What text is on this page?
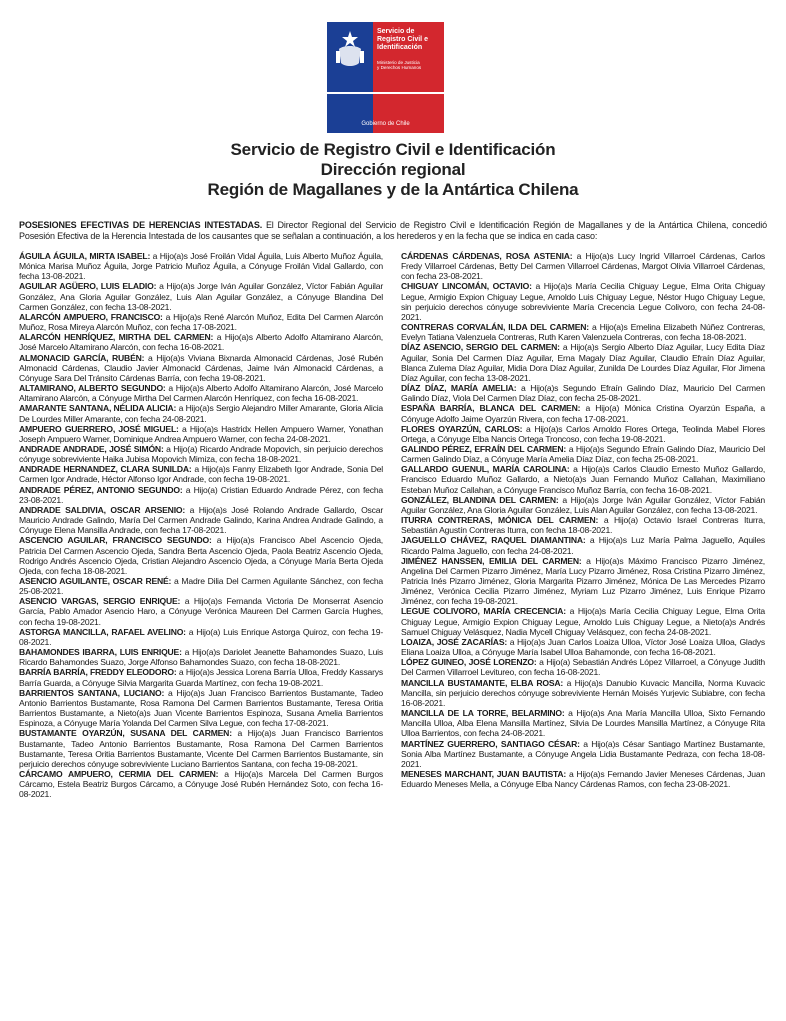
Servicio de
Registro Civil e
Identificación
Ministerio de Justicia
y Derechos Humanos
Gobierno de Chile
Servicio de Registro Civil e Identificación
Dirección regional
Región de Magallanes y de la Antártica Chilena
POSESIONES EFECTIVAS DE HERENCIAS INTESTADAS. El Director Regional del Servicio de Registro Civil e Identificación Región de Magallanes y de la Antártica Chilena, concedió Posesión Efectiva de la Herencia Intestada de los causantes que se señalan a continuación, a los herederos y en la fecha que se indica en cada caso:

ÁGUILA ÁGUILA, MIRTA ISABEL: a Hijo(a)s José Froilán Vidal Águila, Luis Alberto Muñoz Águila, Mónica Marisa Muñoz Águila, Jorge Patricio Muñoz Águila, a Cónyuge Froilán Vidal Gallardo, con fecha 13-08-2021.

AGUILAR AGÜERO, LUIS ELADIO: a Hijo(a)s Jorge Iván Aguilar González, Víctor Fabián Aguilar González, Ana Gloria Aguilar González, Luis Alan Aguilar González, a Cónyuge Blandina Del Carmen González, con fecha 13-08-2021.

ALARCÓN AMPUERO, FRANCISCO: a Hijo(a)s René Alarcón Muñoz, Edita Del Carmen Alarcón Muñoz, Rosa Mireya Alarcón Muñoz, con fecha 17-08-2021.

ALARCÓN HENRÍQUEZ, MIRTHA DEL CARMEN: a Hijo(a)s Alberto Adolfo Altamirano Alarcón, José Marcelo Altamirano Alarcón, con fecha 16-08-2021.

ALMONACID GARCÍA, RUBÉN: a Hijo(a)s Viviana Bixnarda Almonacid Cárdenas, José Rubén Almonacid Cárdenas, Claudio Javier Almonacid Cárdenas, Jaime Iván Almonacid Cárdenas, a Cónyuge Sara Del Tránsito Cárdenas Barría, con fecha 19-08-2021.

ALTAMIRANO, ALBERTO SEGUNDO: a Hijo(a)s Alberto Adolfo Altamirano Alarcón, José Marcelo Altamirano Alarcón, a Cónyuge Mirtha Del Carmen Alarcón Henríquez, con fecha 16-08-2021.

AMARANTE SANTANA, NÉLIDA ALICIA: a Hijo(a)s Sergio Alejandro Miller Amarante, Gloria Alicia De Lourdes Miller Amarante, con fecha 24-08-2021.

AMPUERO GUERRERO, JOSÉ MIGUEL: a Hijo(a)s Hastridx Hellen Ampuero Warner, Yonathan Joseph Ampuero Warner, Dominique Andrea Ampuero Warner, con fecha 24-08-2021.

ANDRADE ANDRADE, JOSÉ SIMÓN: a Hijo(a) Ricardo Andrade Mopovich, sin perjuicio derechos cónyuge sobreviviente Haika Jubisa Mopovich Mimiza, con fecha 18-08-2021.

ANDRADE HERNANDEZ, CLARA SUNILDA: a Hijo(a)s Fanny Elizabeth Igor Andrade, Sonia Del Carmen Igor Andrade, Héctor Alfonso Igor Andrade, con fecha 19-08-2021.

ANDRADE PÉREZ, ANTONIO SEGUNDO: a Hijo(a) Cristian Eduardo Andrade Pérez, con fecha 23-08-2021.

ANDRADE SALDIVIA, OSCAR ARSENIO: a Hijo(a)s José Rolando Andrade Gallardo, Oscar Mauricio Andrade Galindo, María Del Carmen Andrade Galindo, Karina Andrea Andrade Galindo, a Cónyuge Elena Mansilla Andrade, con fecha 17-08-2021.

ASCENCIO AGUILAR, FRANCISCO SEGUNDO: a Hijo(a)s Francisco Abel Ascencio Ojeda, Patricia Del Carmen Ascencio Ojeda, Sandra Berta Ascencio Ojeda, Paola Beatriz Ascencio Ojeda, Rodrigo Andrés Ascencio Ojeda, Cristian Alejandro Ascencio Ojeda, a Cónyuge María Berta Ojeda Ojeda, con fecha 18-08-2021.

ASENCIO AGUILANTE, OSCAR RENÉ: a Madre Dilia Del Carmen Aguilante Sánchez, con fecha 25-08-2021.

ASENCIO VARGAS, SERGIO ENRIQUE: a Hijo(a)s Fernanda Victoria De Monserrat Asencio García, Pablo Amador Asencio Haro, a Cónyuge Verónica Maureen Del Carmen García Hughes, con fecha 19-08-2021.

ASTORGA MANCILLA, RAFAEL AVELINO: a Hijo(a) Luis Enrique Astorga Quiroz, con fecha 19-08-2021.

BAHAMONDES IBARRA, LUIS ENRIQUE: a Hijo(a)s Dariolet Jeanette Bahamondes Suazo, Luis Ricardo Bahamondes Suazo, Jorge Alfonso Bahamondes Suazo, con fecha 18-08-2021.

BARRÍA BARRÍA, FREDDY ELEODORO: a Hijo(a)s Jessica Lorena Barría Ulloa, Freddy Kassarys Barría Guarda, a Cónyuge Silvia Margarita Guarda Martínez, con fecha 19-08-2021.

BARRIENTOS SANTANA, LUCIANO: a Hijo(a)s Juan Francisco Barrientos Bustamante, Tadeo Antonio Barrientos Bustamante, Rosa Ramona Del Carmen Barrientos Bustamante, Teresa Oritia Barrientos Bustamante, a Nieto(a)s Juan Vicente Barrientos Espinoza, Susana Amelia Barrientos Espinoza, a Cónyuge María Yolanda Del Carmen Silva Legue, con fecha 17-08-2021.

BUSTAMANTE OYARZÚN, SUSANA DEL CARMEN: a Hijo(a)s Juan Francisco Barrientos Bustamante, Tadeo Antonio Barrientos Bustamante, Rosa Ramona Del Carmen Barrientos Bustamante, Teresa Oritia Barrientos Bustamante, Vicente Del Carmen Barrientos Bustamante, sin perjuicio derechos cónyuge sobreviviente Luciano Barrientos Santana, con fecha 19-08-2021.

CÁRCAMO AMPUERO, CERMIA DEL CARMEN: a Hijo(a)s Marcela Del Carmen Burgos Cárcamo, Estela Beatriz Burgos Cárcamo, a Cónyuge José Rubén Hernández Soto, con fecha 16-08-2021.

CÁRDENAS CÁRDENAS, ROSA ASTENIA: a Hijo(a)s Lucy Ingrid Villarroel Cárdenas, Carlos Fredy Villarroel Cárdenas, Betty Del Carmen Villarroel Cárdenas, Margot Olivia Villarroel Cárdenas, con fecha 23-08-2021.

CHIGUAY LINCOMÁN, OCTAVIO: a Hijo(a)s María Cecilia Chiguay Legue, Elma Orita Chiguay Legue, Armigio Expion Chiguay Legue, Arnoldo Luis Chiguay Legue, Néstor Hugo Chiguay Legue, sin perjuicio derechos cónyuge sobreviviente María Crecencia Legue Colivoro, con fecha 24-08-2021.

CONTRERAS CORVALÁN, ILDA DEL CARMEN: a Hijo(a)s Emelina Elizabeth Núñez Contreras, Evelyn Tatiana Valenzuela Contreras, Ruth Karen Valenzuela Contreras, con fecha 18-08-2021.

DÍAZ ASENCIO, SERGIO DEL CARMEN: a Hijo(a)s Sergio Alberto Díaz Aguilar, Lucy Edita Díaz Aguilar, Sonia Del Carmen Díaz Aguilar, Erna Magaly Díaz Aguilar, Claudio Efraín Díaz Aguilar, Blanca Zulema Díaz Aguilar, Midia Dora Díaz Aguilar, Zunilda De Lourdes Díaz Aguilar, Flor Jimena Díaz Aguilar, con fecha 13-08-2021.

DÍAZ DÍAZ, MARÍA AMELIA: a Hijo(a)s Segundo Efraín Galindo Díaz, Mauricio Del Carmen Galindo Díaz, Viola Del Carmen Díaz Díaz, con fecha 25-08-2021.

ESPAÑA BARRÍA, BLANCA DEL CARMEN: a Hijo(a) Mónica Cristina Oyarzún España, a Cónyuge Adolfo Jaime Oyarzún Rivera, con fecha 17-08-2021.

FLORES OYARZÚN, CARLOS: a Hijo(a)s Carlos Arnoldo Flores Ortega, Teolinda Mabel Flores Ortega, a Cónyuge Elba Nancis Ortega Troncoso, con fecha 19-08-2021.

GALINDO PÉREZ, EFRAÍN DEL CARMEN: a Hijo(a)s Segundo Efraín Galindo Díaz, Mauricio Del Carmen Galindo Díaz, a Cónyuge María Amelia Díaz Díaz, con fecha 25-08-2021.

GALLARDO GUENUL, MARÍA CAROLINA: a Hijo(a)s Carlos Claudio Ernesto Muñoz Gallardo, Francisco Eduardo Muñoz Gallardo, a Nieto(a)s Juan Fernando Muñoz Callahan, Maximiliano Esteban Muñoz Callahan, a Cónyuge Francisco Muñoz Barría, con fecha 16-08-2021.

GONZÁLEZ, BLANDINA DEL CARMEN: a Hijo(a)s Jorge Iván Aguilar González, Víctor Fabián Aguilar González, Ana Gloria Aguilar González, Luis Alan Aguilar González, con fecha 13-08-2021.

ITURRA CONTRERAS, MÓNICA DEL CARMEN: a Hijo(a) Octavio Israel Contreras Iturra, Sebastián Agustín Contreras Iturra, con fecha 18-08-2021.

JAGUELLO CHÁVEZ, RAQUEL DIAMANTINA: a Hijo(a)s Luz María Palma Jaguello, Aquiles Ricardo Palma Jaguello, con fecha 24-08-2021.

JIMÉNEZ HANSSEN, EMILIA DEL CARMEN: a Hijo(a)s Máximo Francisco Pizarro Jiménez, Angelina Del Carmen Pizarro Jiménez, María Lucy Pizarro Jiménez, Rosa Cristina Pizarro Jiménez, Patricia Inés Pizarro Jiménez, Gloria Margarita Pizarro Jiménez, Mónica De Las Mercedes Pizarro Jiménez, Verónica Cecilia Pizarro Jiménez, Myriam Luz Pizarro Jiménez, Luis Enrique Pizarro Jiménez, con fecha 19-08-2021.

LEGUE COLIVORO, MARÍA CRECENCIA: a Hijo(a)s María Cecilia Chiguay Legue, Elma Orita Chiguay Legue, Armigio Expion Chiguay Legue, Arnoldo Luis Chiguay Legue, a Nieto(a)s Andrés Samuel Chiguay Velásquez, Nadia Mycell Chiguay Velásquez, con fecha 24-08-2021.

LOAIZA, JOSÉ ZACARÍAS: a Hijo(a)s Juan Carlos Loaiza Ulloa, Víctor José Loaiza Ulloa, Gladys Eliana Loaiza Ulloa, a Cónyuge María Isabel Ulloa Bahamonde, con fecha 16-08-2021.

LÓPEZ GUINEO, JOSÉ LORENZO: a Hijo(a) Sebastián Andrés López Villarroel, a Cónyuge Judith Del Carmen Villarroel Levitureo, con fecha 16-08-2021.

MANCILLA BUSTAMANTE, ELBA ROSA: a Hijo(a)s Danubio Kuvacic Mancilla, Norma Kuvacic Mancilla, sin perjuicio derechos cónyuge sobreviviente Hernán Moisés Yurjevic Subiabre, con fecha 16-08-2021.

MANCILLA DE LA TORRE, BELARMINO: a Hijo(a)s Ana María Mancilla Ulloa, Sixto Fernando Mancilla Ulloa, Alba Elena Mansilla Martínez, Silvia De Lourdes Mansilla Martínez, a Cónyuge Rita Ulloa Barrientos, con fecha 24-08-2021.

MARTÍNEZ GUERRERO, SANTIAGO CÉSAR: a Hijo(a)s César Santiago Martínez Bustamante, Sonia Alba Martínez Bustamante, a Cónyuge Angela Lidia Bustamante Pedraza, con fecha 18-08-2021.

MENESES MARCHANT, JUAN BAUTISTA: a Hijo(a)s Fernando Javier Meneses Cárdenas, Juan Eduardo Meneses Mella, a Cónyuge Elba Nancy Cárdenas Ramos, con fecha 23-08-2021.
